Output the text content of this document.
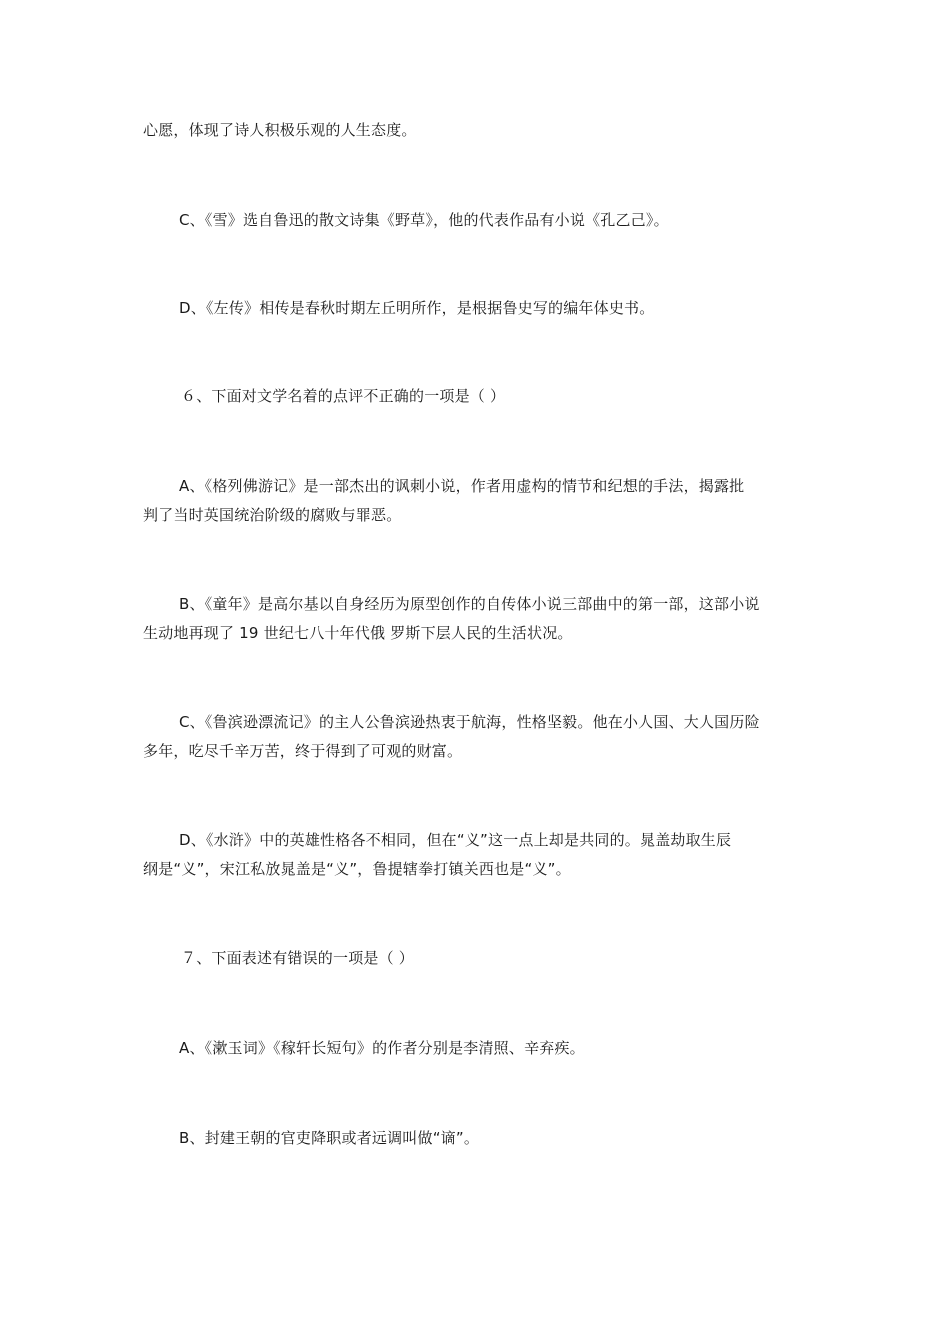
心愿，体现了诗人积极乐观的人生态度。

C、《雪》选自鲁迅的散文诗集《野草》，他的代表作品有小说《孔乙己》。

D、《左传》相传是春秋时期左丘明所作，是根据鲁史写的编年体史书。

６、下面对文学名着的点评不正确的一项是（ ）

A、《格列佛游记》是一部杰出的讽刺小说，作者用虚构的情节和纪想的手法，揭露批
判了当时英国统治阶级的腐败与罪恶。

B、《童年》是高尔基以自身经历为原型创作的自传体小说三部曲中的第一部，这部小说
生动地再现了 19 世纪七八十年代俄 罗斯下层人民的生活状况。

C、《鲁滨逊漂流记》的主人公鲁滨逊热衷于航海，性格坚毅。他在小人国、大人国历险
多年，吃尽千辛万苦，终于得到了可观的财富。

D、《水浒》中的英雄性格各不相同，但在“义”这一点上却是共同的。晁盖劫取生辰
纲是“义”，宋江私放晁盖是“义”，鲁提辖拳打镇关西也是“义”。

７、下面表述有错误的一项是（ ）

A、《漱玉词》《稼轩长短句》的作者分别是李清照、辛弃疾。

B、封建王朝的官吏降职或者远调叫做“谪”。
